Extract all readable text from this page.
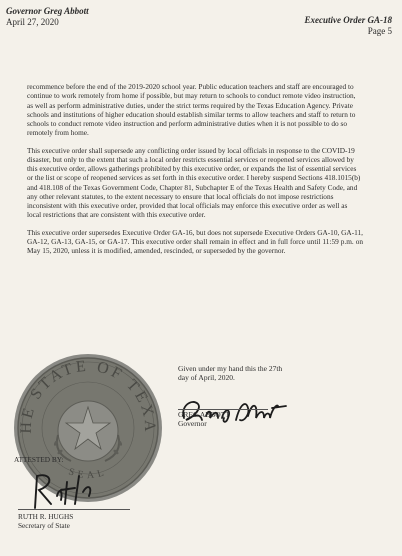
Governor Greg Abbott
April 27, 2020	Executive Order GA-18
Page 5

recommence before the end of the 2019-2020 school year. Public education teachers and staff are encouraged to continue to work remotely from home if possible, but may return to schools to conduct remote video instruction, as well as perform administrative duties, under the strict terms required by the Texas Education Agency. Private schools and institutions of higher education should establish similar terms to allow teachers and staff to return to schools to conduct remote video instruction and perform administrative duties when it is not possible to do so remotely from home.

This executive order shall supersede any conflicting order issued by local officials in response to the COVID-19 disaster, but only to the extent that such a local order restricts essential services or reopened services allowed by this executive order, allows gatherings prohibited by this executive order, or expands the list of essential services or the list or scope of reopened services as set forth in this executive order. I hereby suspend Sections 418.1015(b) and 418.108 of the Texas Government Code, Chapter 81, Subchapter E of the Texas Health and Safety Code, and any other relevant statutes, to the extent necessary to ensure that local officials do not impose restrictions inconsistent with this executive order, provided that local officials may enforce this executive order as well as local restrictions that are consistent with this executive order.

This executive order supersedes Executive Order GA-16, but does not supersede Executive Orders GA-10, GA-11, GA-12, GA-13, GA-15, or GA-17. This executive order shall remain in effect and in full force until 11:59 p.m. on May 15, 2020, unless it is modified, amended, rescinded, or superseded by the governor.

HE STATE OF TEXA
SEAL
Given under my hand this the 27th
day of April, 2020.
GREG ABBOTT
Governor
ATTESTED BY:
RUTH R. HUGHS
Secretary of State
